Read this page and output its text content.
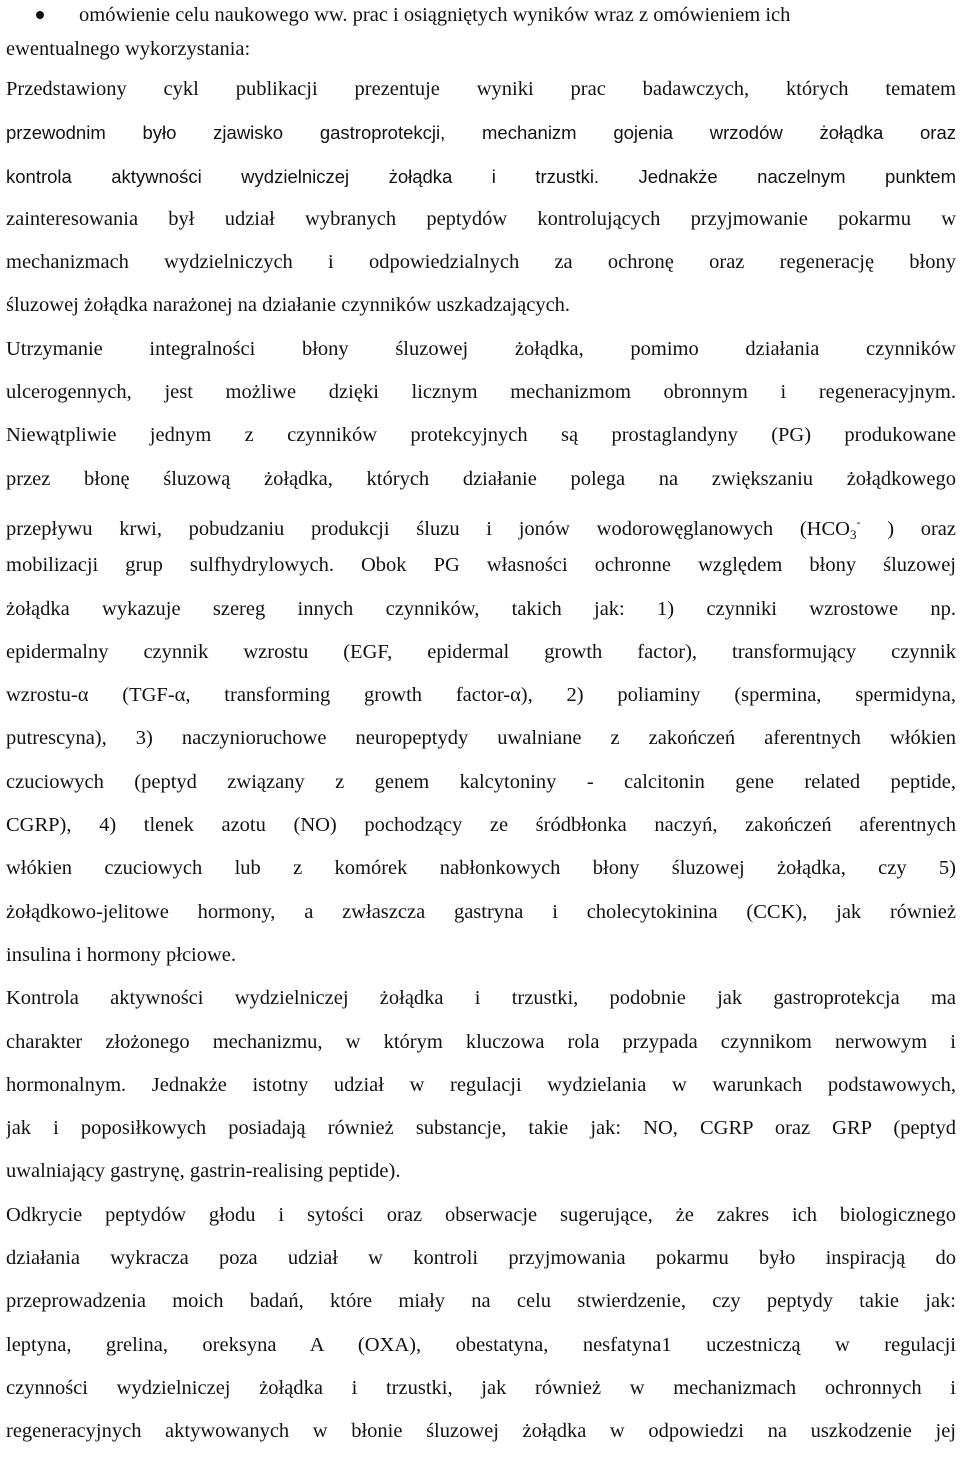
omówienie celu naukowego ww. prac i osiągniętych wyników wraz z omówieniem ich
ewentualnego wykorzystania:
Przedstawiony cykl publikacji prezentuje wyniki prac badawczych, których tematem
przewodnim było zjawisko gastroprotekcji, mechanizm gojenia wrzodów żołądka oraz
kontrola aktywności wydzielniczej żołądka i trzustki. Jednakże naczelnym punktem
zainteresowania był udział wybranych peptydów kontrolujących przyjmowanie pokarmu w
mechanizmach wydzielniczych i odpowiedzialnych za ochronę oraz regenerację błony
śluzowej żołądka narażonej na działanie czynników uszkadzających.
Utrzymanie integralności błony śluzowej żołądka, pomimo działania czynników
ulcerogennych, jest możliwe dzięki licznym mechanizmom obronnym i regeneracyjnym.
Niewątpliwie jednym z czynników protekcyjnych są prostaglandyny (PG) produkowane
przez błonę śluzową żołądka, których działanie polega na zwiększaniu żołądkowego
przepływu krwi, pobudzaniu produkcji śluzu i jonów wodorowęglanowych ($HCO_3^-$ ) oraz
mobilizacji grup sulfhydrylowych. Obok PG własności ochronne względem błony śluzowej
żołądka wykazuje szereg innych czynników, takich jak: 1) czynniki wzrostowe np.
epidermalny czynnik wzrostu (EGF, epidermal growth factor), transformujący czynnik
wzrostu-α (TGF-α, transforming growth factor-α), 2) poliaminy (spermina, spermidyna,
putrescyna), 3) naczynioruchowe neuropeptydy uwalniane z zakończeń aferentnych włókien
czuciowych (peptyd związany z genem kalcytoniny - calcitonin gene related peptide,
CGRP), 4) tlenek azotu (NO) pochodzący ze śródbłonka naczyń, zakończeń aferentnych
włókien czuciowych lub z komórek nabłonkowych błony śluzowej żołądka, czy 5)
żołądkowo-jelitowe hormony, a zwłaszcza gastryna i cholecytokinina (CCK), jak również
insulina i hormony płciowe.
Kontrola aktywności wydzielniczej żołądka i trzustki, podobnie jak gastroprotekcja ma
charakter złożonego mechanizmu, w którym kluczowa rola przypada czynnikom nerwowym i
hormonalnym. Jednakże istotny udział w regulacji wydzielania w warunkach podstawowych,
jak i poposiłkowych posiadają również substancje, takie jak: NO, CGRP oraz GRP (peptyd
uwalniający gastrynę, gastrin-realising peptide).
Odkrycie peptydów głodu i sytości oraz obserwacje sugerujące, że zakres ich biologicznego
działania wykracza poza udział w kontroli przyjmowania pokarmu było inspiracją do
przeprowadzenia moich badań, które miały na celu stwierdzenie, czy peptydy takie jak:
leptyna, grelina, oreksyna A (OXA), obestatyna, nesfatyna1 uczestniczą w regulacji
czynności wydzielniczej żołądka i trzustki, jak również w mechanizmach ochronnych i
regeneracyjnych aktywowanych w błonie śluzowej żołądka w odpowiedzi na uszkodzenie jej
